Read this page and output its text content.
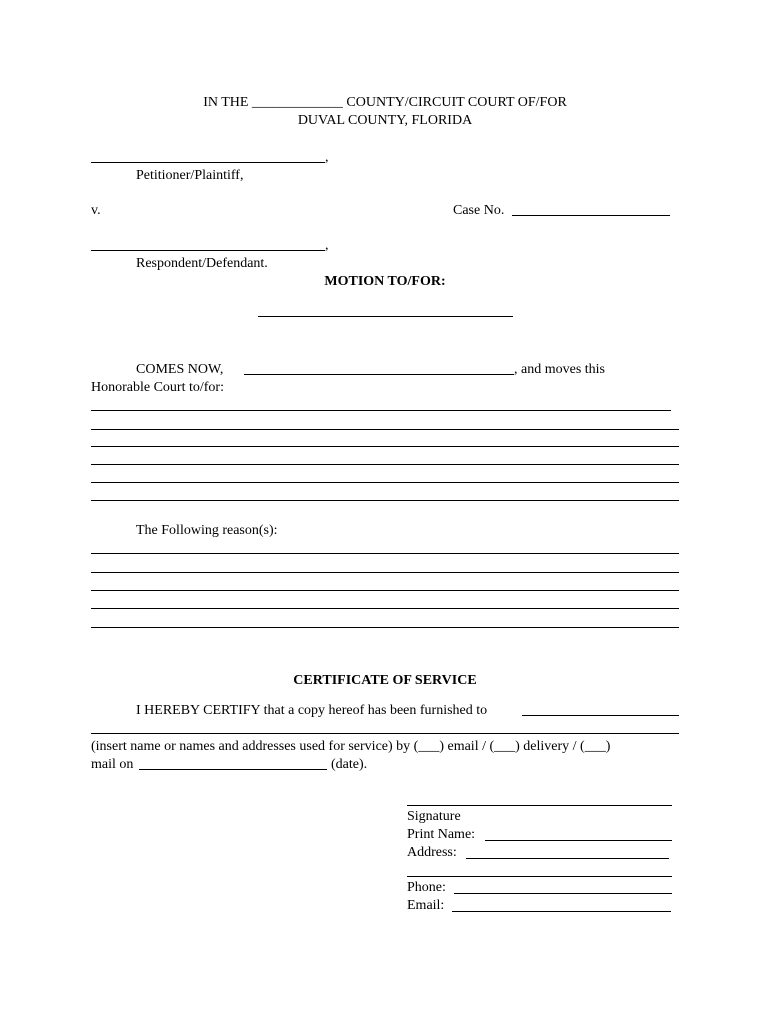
IN THE _____________ COUNTY/CIRCUIT COURT OF/FOR
DUVAL COUNTY, FLORIDA
,
Petitioner/Plaintiff,
v.	Case No.
,
Respondent/Defendant.
MOTION TO/FOR:
COMES NOW,	, and moves this
Honorable Court to/for:
The Following reason(s):
CERTIFICATE OF SERVICE
I HEREBY CERTIFY that a copy hereof has been furnished to
(insert name or names and addresses used for service) by (___) email / (___) delivery / (___)
mail on	(date).
Signature
Print Name:
Address:
Phone:
Email:
